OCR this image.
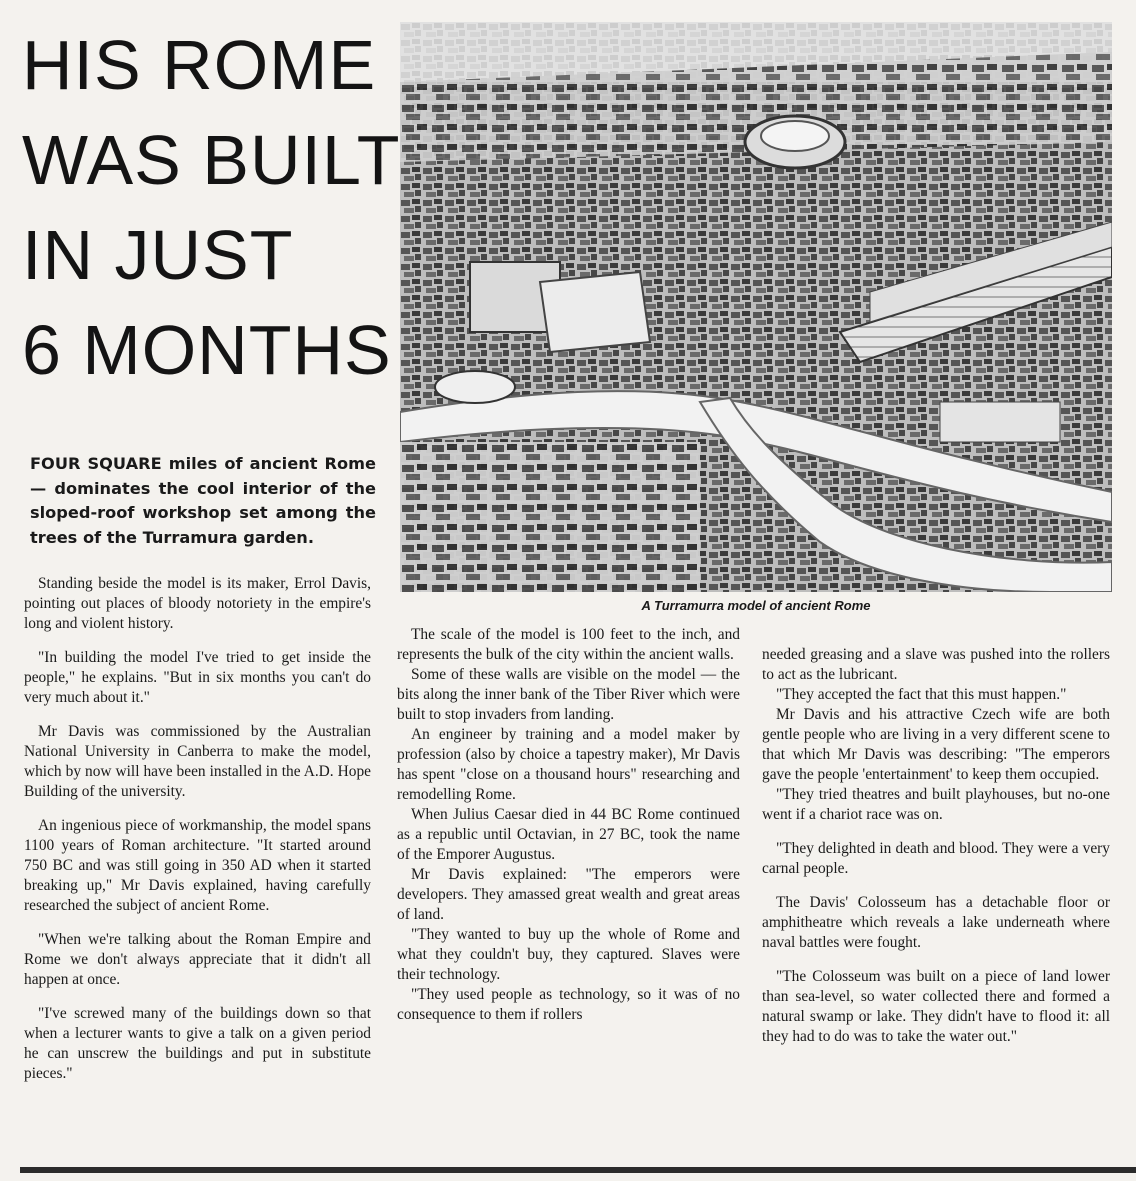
HIS ROME
WAS BUILT
IN JUST
6 MONTHS
A Turramurra model of ancient Rome
FOUR SQUARE miles of ancient Rome — dominates the cool interior of the sloped-roof workshop set among the trees of the Turramura garden.

Standing beside the model is its maker, Errol Davis, pointing out places of bloody notoriety in the empire's long and violent history.

"In building the model I've tried to get inside the people," he explains. "But in six months you can't do very much about it."

Mr Davis was commissioned by the Australian National University in Canberra to make the model, which by now will have been installed in the A.D. Hope Building of the university.

An ingenious piece of workmanship, the model spans 1100 years of Roman architecture. "It started around 750 BC and was still going in 350 AD when it started breaking up," Mr Davis explained, having carefully researched the subject of ancient Rome.

"When we're talking about the Roman Empire and Rome we don't always appreciate that it didn't all happen at once.

"I've screwed many of the buildings down so that when a lecturer wants to give a talk on a given period he can unscrew the buildings and put in substitute pieces."

The scale of the model is 100 feet to the inch, and represents the bulk of the city within the ancient walls.

Some of these walls are visible on the model — the bits along the inner bank of the Tiber River which were built to stop invaders from landing.

An engineer by training and a model maker by profession (also by choice a tapestry maker), Mr Davis has spent "close on a thousand hours" researching and remodelling Rome.

When Julius Caesar died in 44 BC Rome continued as a republic until Octavian, in 27 BC, took the name of the Emporer Augustus.

Mr Davis explained: "The emperors were developers. They amassed great wealth and great areas of land.

"They wanted to buy up the whole of Rome and what they couldn't buy, they captured. Slaves were their technology.

"They used people as technology, so it was of no consequence to them if rollers

needed greasing and a slave was pushed into the rollers to act as the lubricant.

"They accepted the fact that this must happen."

Mr Davis and his attractive Czech wife are both gentle people who are living in a very different scene to that which Mr Davis was describing: "The emperors gave the people 'entertainment' to keep them occupied.

"They tried theatres and built playhouses, but no-one went if a chariot race was on.

"They delighted in death and blood. They were a very carnal people.

The Davis' Colosseum has a detachable floor or amphitheatre which reveals a lake underneath where naval battles were fought.

"The Colosseum was built on a piece of land lower than sea-level, so water collected there and formed a natural swamp or lake. They didn't have to flood it: all they had to do was to take the water out."
